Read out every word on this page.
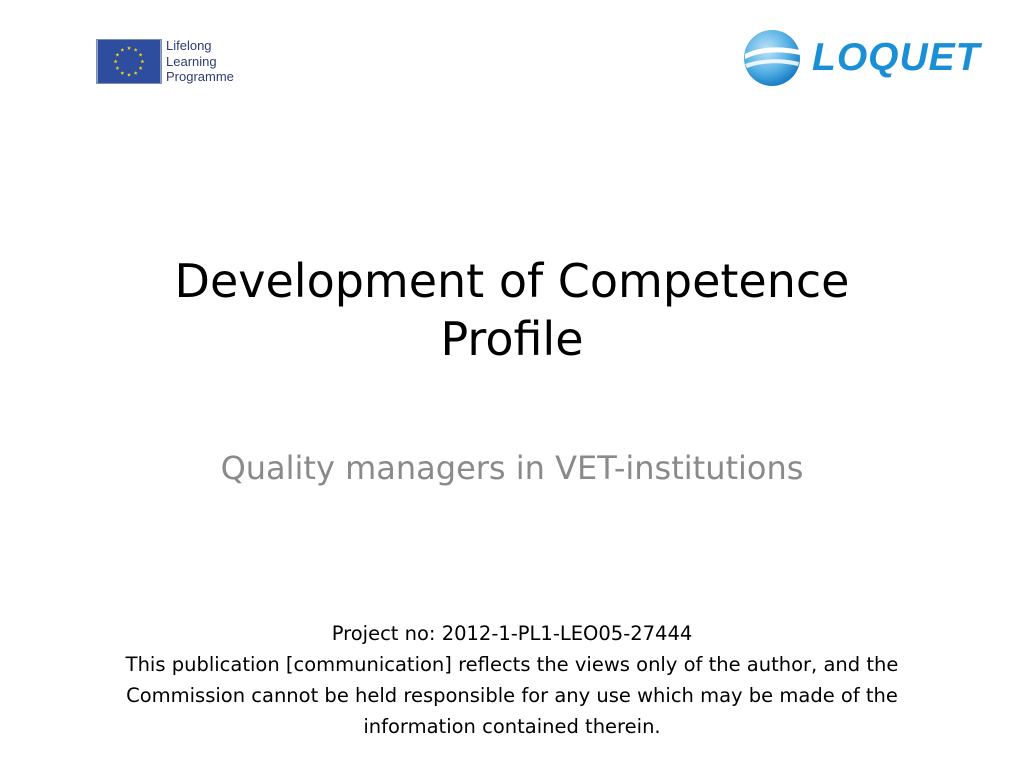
Lifelong
Learning
Programme	LOQUET
Development of Competence
Profile

Quality managers in VET-institutions

Project no: 2012-1-PL1-LEO05-27444
This publication [communication] reflects the views only of the author, and the
Commission cannot be held responsible for any use which may be made of the
information contained therein.
